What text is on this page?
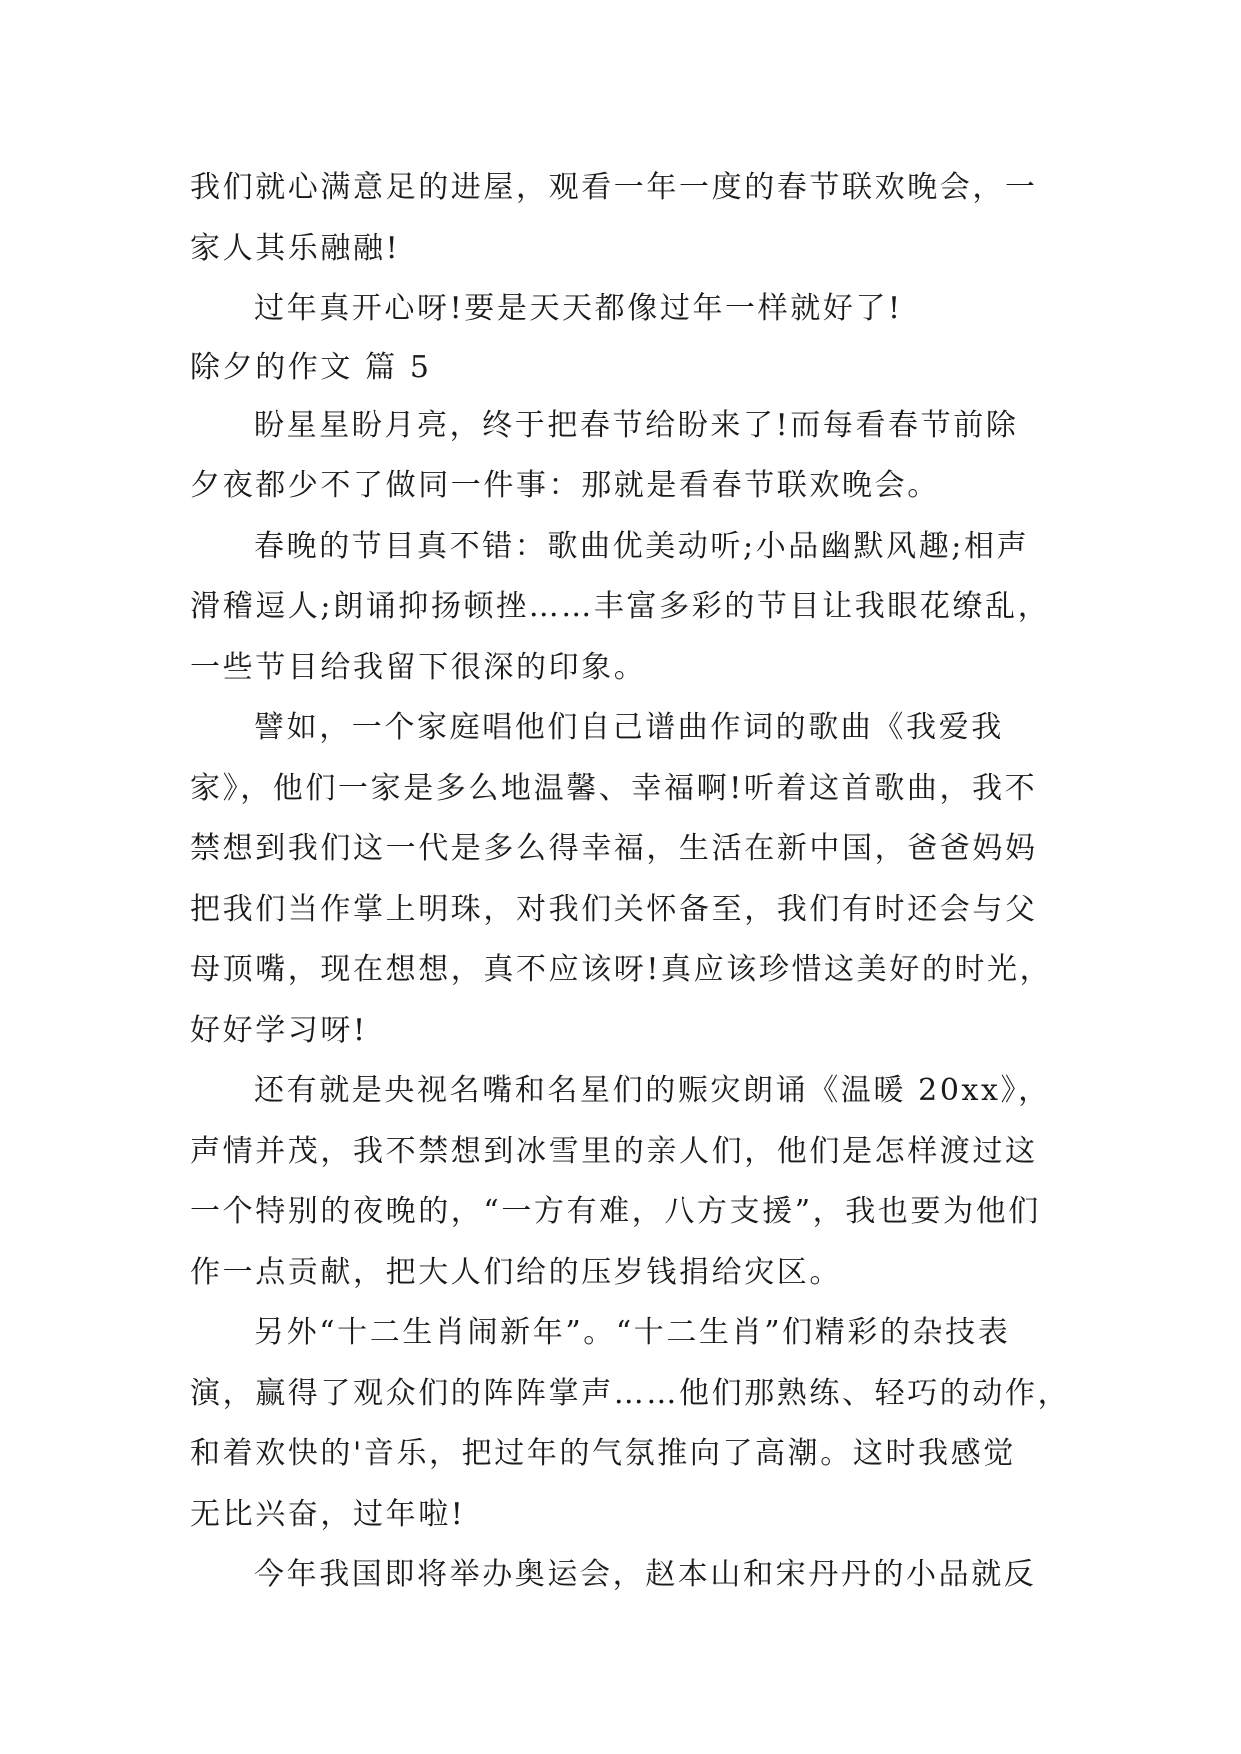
我们就心满意足的进屋，观看一年一度的春节联欢晚会，一
家人其乐融融!
过年真开心呀!要是天天都像过年一样就好了!
除夕的作文 篇 5
盼星星盼月亮，终于把春节给盼来了!而每看春节前除
夕夜都少不了做同一件事：那就是看春节联欢晚会。
春晚的节目真不错：歌曲优美动听;小品幽默风趣;相声
滑稽逗人;朗诵抑扬顿挫……丰富多彩的节目让我眼花缭乱，
一些节目给我留下很深的印象。
譬如，一个家庭唱他们自己谱曲作词的歌曲《我爱我
家》，他们一家是多么地温馨、幸福啊!听着这首歌曲，我不
禁想到我们这一代是多么得幸福，生活在新中国，爸爸妈妈
把我们当作掌上明珠，对我们关怀备至，我们有时还会与父
母顶嘴，现在想想，真不应该呀!真应该珍惜这美好的时光，
好好学习呀!
还有就是央视名嘴和名星们的赈灾朗诵《温暖 20xx》，
声情并茂，我不禁想到冰雪里的亲人们，他们是怎样渡过这
一个特别的夜晚的，“一方有难，八方支援”，我也要为他们
作一点贡献，把大人们给的压岁钱捐给灾区。
另外“十二生肖闹新年”。“十二生肖”们精彩的杂技表
演，赢得了观众们的阵阵掌声……他们那熟练、轻巧的动作，
和着欢快的'音乐，把过年的气氛推向了高潮。这时我感觉
无比兴奋，过年啦!
今年我国即将举办奥运会，赵本山和宋丹丹的小品就反
